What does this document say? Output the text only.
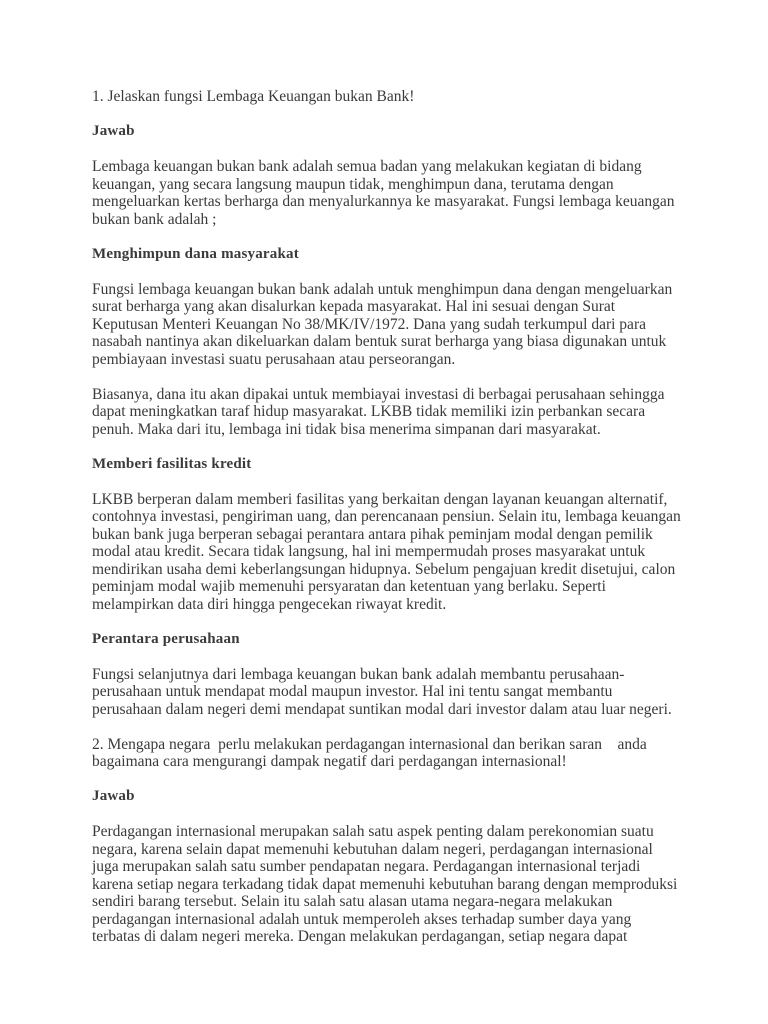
1. Jelaskan fungsi Lembaga Keuangan bukan Bank!

Jawab

Lembaga keuangan bukan bank adalah semua badan yang melakukan kegiatan di bidang keuangan, yang secara langsung maupun tidak, menghimpun dana, terutama dengan mengeluarkan kertas berharga dan menyalurkannya ke masyarakat. Fungsi lembaga keuangan bukan bank adalah ;

Menghimpun dana masyarakat

Fungsi lembaga keuangan bukan bank adalah untuk menghimpun dana dengan mengeluarkan surat berharga yang akan disalurkan kepada masyarakat. Hal ini sesuai dengan Surat Keputusan Menteri Keuangan No 38/MK/IV/1972. Dana yang sudah terkumpul dari para nasabah nantinya akan dikeluarkan dalam bentuk surat berharga yang biasa digunakan untuk pembiayaan investasi suatu perusahaan atau perseorangan.

Biasanya, dana itu akan dipakai untuk membiayai investasi di berbagai perusahaan sehingga dapat meningkatkan taraf hidup masyarakat. LKBB tidak memiliki izin perbankan secara penuh. Maka dari itu, lembaga ini tidak bisa menerima simpanan dari masyarakat.

Memberi fasilitas kredit

LKBB berperan dalam memberi fasilitas yang berkaitan dengan layanan keuangan alternatif, contohnya investasi, pengiriman uang, dan perencanaan pensiun. Selain itu, lembaga keuangan bukan bank juga berperan sebagai perantara antara pihak peminjam modal dengan pemilik modal atau kredit. Secara tidak langsung, hal ini mempermudah proses masyarakat untuk mendirikan usaha demi keberlangsungan hidupnya. Sebelum pengajuan kredit disetujui, calon peminjam modal wajib memenuhi persyaratan dan ketentuan yang berlaku. Seperti melampirkan data diri hingga pengecekan riwayat kredit.

Perantara perusahaan

Fungsi selanjutnya dari lembaga keuangan bukan bank adalah membantu perusahaan-perusahaan untuk mendapat modal maupun investor. Hal ini tentu sangat membantu perusahaan dalam negeri demi mendapat suntikan modal dari investor dalam atau luar negeri.

2. Mengapa negara  perlu melakukan perdagangan internasional dan berikan saran    anda bagaimana cara mengurangi dampak negatif dari perdagangan internasional!

Jawab

Perdagangan internasional merupakan salah satu aspek penting dalam perekonomian suatu negara, karena selain dapat memenuhi kebutuhan dalam negeri, perdagangan internasional juga merupakan salah satu sumber pendapatan negara. Perdagangan internasional terjadi karena setiap negara terkadang tidak dapat memenuhi kebutuhan barang dengan memproduksi sendiri barang tersebut. Selain itu salah satu alasan utama negara-negara melakukan perdagangan internasional adalah untuk memperoleh akses terhadap sumber daya yang terbatas di dalam negeri mereka. Dengan melakukan perdagangan, setiap negara dapat
